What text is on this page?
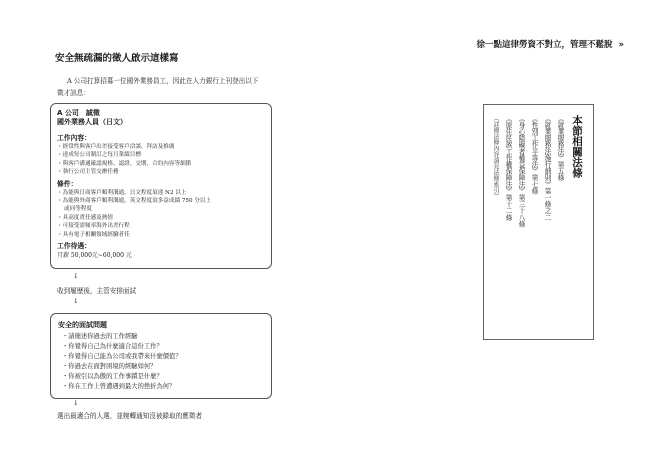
徐一點這律勞資不對立，管理不鬆脫 »
安全無疏漏的徵人啟示這樣寫
A 公司打算招募一位國外業務員工，因此在人力銀行上刊登出以下
徵才訊息：
A 公司　誠徵
國外業務人員（日文）
工作內容：
・經常性與客戶出差接受客戶洽談、拜訪及推廣
・達成每公司制訂之每月業績目標
・與客戶溝通確認規格、認證、交期，合約內容等細節
・執行公司主管交辦任務
條件：
・為能與日商客戶順利溝通，日文程度須達 N2 以上
・為能與外商客戶順利溝通，英文程度須多益成績 750 分以上
或同等程度
・具高度責任感及熱情
・可接受需頻率海外出差行程
・具有電子相關領域經驗者佳
工作待遇：
月薪 50,000元~60,000 元
↓
收到履歷後，主管安排面試
↓
安全的面試問題
・請簡述你過去的工作經驗
・你覺得自己為什麼適合這份工作？
・你覺得自己能為公司或我帶來什麼價值？
・你過去在面對困境的經驗如何？
・你被引以為傲的工作事蹟是什麼？
・你在工作上曾遭遇到最大的挫折為何？
↓
選出最適合的人選，並婉轉通知沒被錄取的應徵者
本節相關法條
《就業服務法》第五條
《就業服務法施行細則》第一條之二
《性別工作平等法》第七條
《身心障礙者權益保障法》第三十八條
《原住民族工作權保障法》第十二條
（詳細法條內容請見法條索引）
